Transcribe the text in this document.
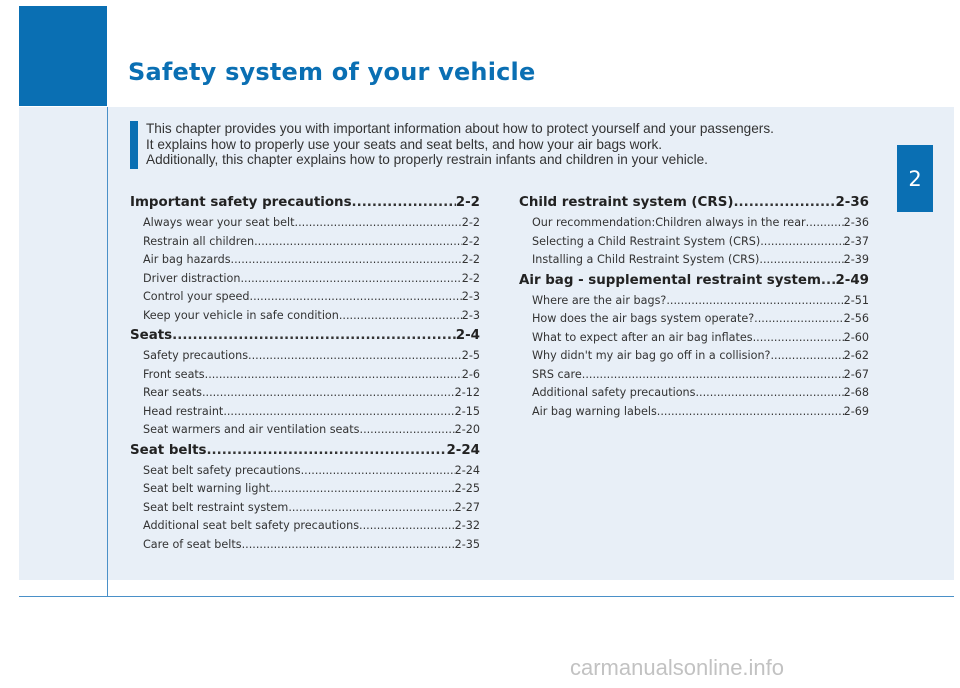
Safety system of your vehicle

This chapter provides you with important information about how to protect yourself and your passengers.

It explains how to properly use your seats and seat belts, and how your air bags work.

Additionally, this chapter explains how to properly restrain infants and children in your vehicle.

2
Important safety precautions .....	2-2
Always wear your seat belt .....	2-2
Restrain all children .....	2-2
Air bag hazards .....	2-2
Driver distraction .....	2-2
Control your speed .....	2-3
Keep your vehicle in safe condition .....	2-3
Seats .....	2-4
Safety precautions .....	2-5
Front seats .....	2-6
Rear seats .....	2-12
Head restraint .....	2-15
Seat warmers and air ventilation seats .....	2-20
Seat belts .....	2-24
Seat belt safety precautions .....	2-24
Seat belt warning light .....	2-25
Seat belt restraint system .....	2-27
Additional seat belt safety precautions .....	2-32
Care of seat belts .....	2-35
Child restraint system (CRS) .....	2-36
Our recommendation:Children always in the rear .....	2-36
Selecting a Child Restraint System (CRS) .....	2-37
Installing a Child Restraint System (CRS) .....	2-39
Air bag - supplemental restraint system ..... 2-49
Where are the air bags? .....	2-51
How does the air bags system operate? .....	2-56
What to expect after an air bag inflates .....	2-60
Why didn't my air bag go off in a collision? .....	2-62
SRS care .....	2-67
Additional safety precautions .....	2-68
Air bag warning labels .....	2-69
carmanualsonline.info
